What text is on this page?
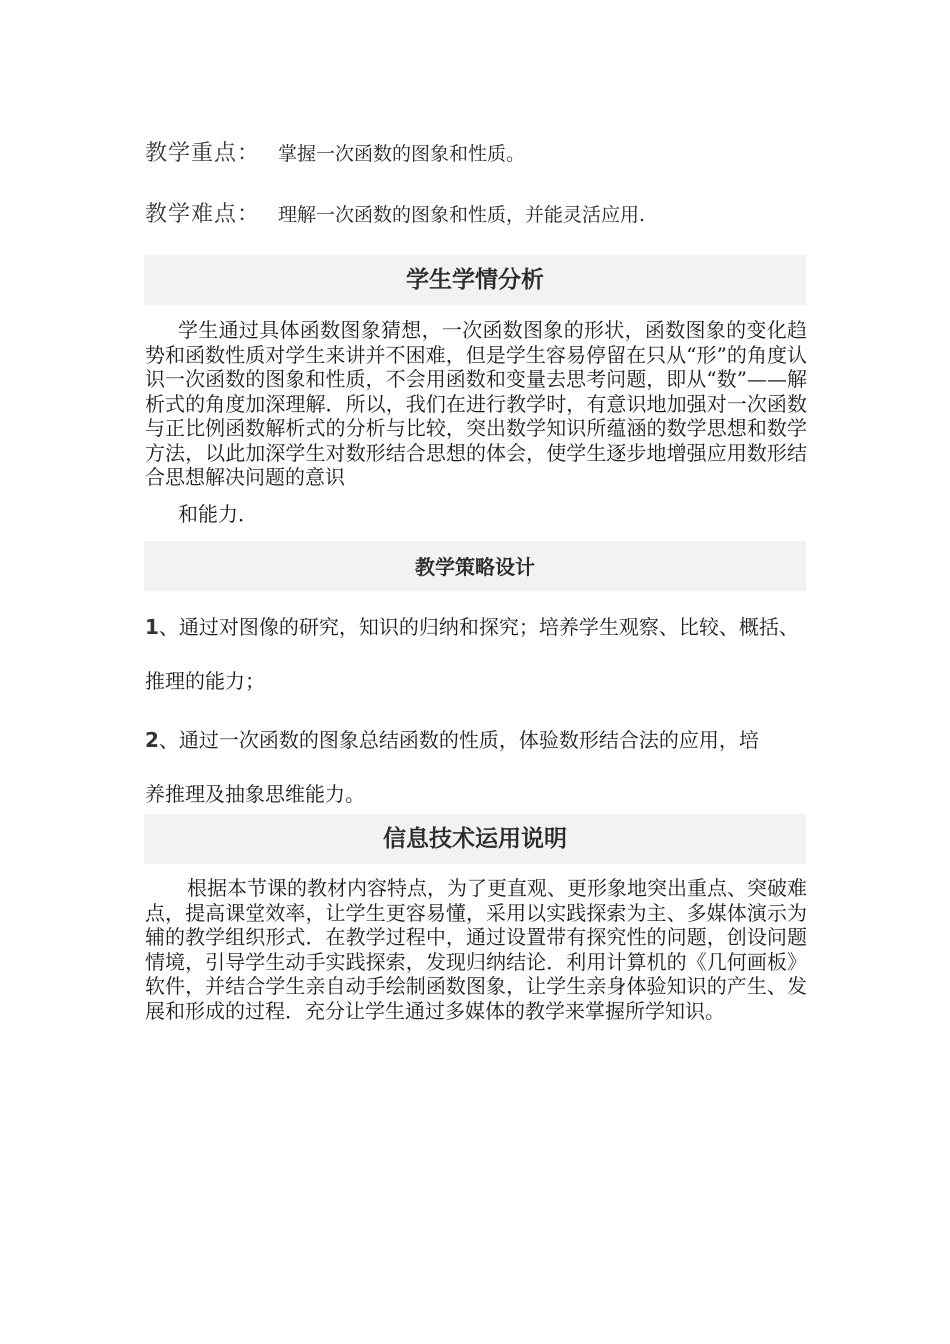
教学重点： 掌握一次函数的图象和性质。
教学难点： 理解一次函数的图象和性质，并能灵活应用.
学生学情分析

学生通过具体函数图象猜想，一次函数图象的形状，函数图象的变化趋势和函数性质对学生来讲并不困难，但是学生容易停留在只从“形”的角度认识一次函数的图象和性质，不会用函数和变量去思考问题，即从“数”——解析式的角度加深理解．所以，我们在进行教学时，有意识地加强对一次函数与正比例函数解析式的分析与比较，突出数学知识所蕴涵的数学思想和数学方法，以此加深学生对数形结合思想的体会，使学生逐步地增强应用数形结合思想解决问题的意识
和能力．

教学策略设计
1、通过对图像的研究，知识的归纳和探究；培养学生观察、比较、概括、
推理的能力；
2、通过一次函数的图象总结函数的性质，体验数形结合法的应用，培
养推理及抽象思维能力。
信息技术运用说明

根据本节课的教材内容特点，为了更直观、更形象地突出重点、突破难点，提高课堂效率，让学生更容易懂，采用以实践探索为主、多媒体演示为辅的教学组织形式．在教学过程中，通过设置带有探究性的问题，创设问题情境，引导学生动手实践探索，发现归纳结论．利用计算机的《几何画板》软件，并结合学生亲自动手绘制函数图象，让学生亲身体验知识的产生、发展和形成的过程．充分让学生通过多媒体的教学来掌握所学知识。
